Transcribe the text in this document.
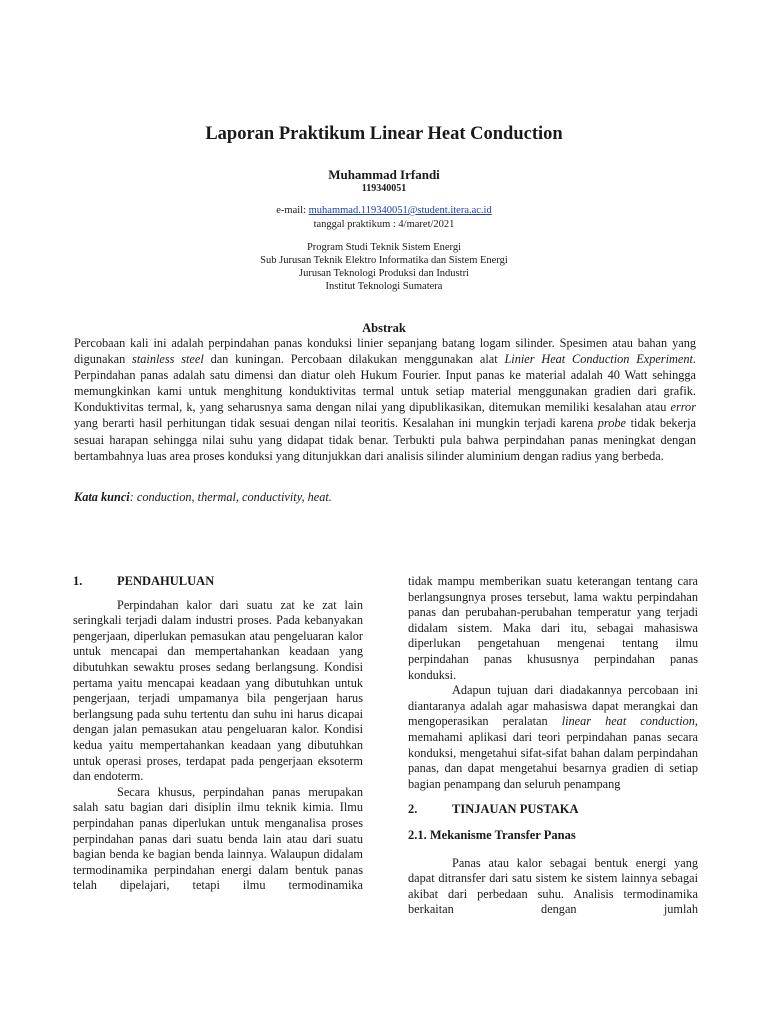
Laporan Praktikum Linear Heat Conduction
Muhammad Irfandi
119340051
e-mail: muhammad.119340051@student.itera.ac.id
tanggal praktikum : 4/maret/2021
Program Studi Teknik Sistem Energi
Sub Jurusan Teknik Elektro Informatika dan Sistem Energi
Jurusan Teknologi Produksi dan Industri
Institut Teknologi Sumatera
Abstrak
Percobaan kali ini adalah perpindahan panas konduksi linier sepanjang batang logam silinder. Spesimen atau bahan yang digunakan stainless steel dan kuningan. Percobaan dilakukan menggunakan alat Linier Heat Conduction Experiment. Perpindahan panas adalah satu dimensi dan diatur oleh Hukum Fourier. Input panas ke material adalah 40 Watt sehingga memungkinkan kami untuk menghitung konduktivitas termal untuk setiap material menggunakan gradien dari grafik. Konduktivitas termal, k, yang seharusnya sama dengan nilai yang dipublikasikan, ditemukan memiliki kesalahan atau error yang berarti hasil perhitungan tidak sesuai dengan nilai teoritis. Kesalahan ini mungkin terjadi karena probe tidak bekerja sesuai harapan sehingga nilai suhu yang didapat tidak benar. Terbukti pula bahwa perpindahan panas meningkat dengan bertambahnya luas area proses konduksi yang ditunjukkan dari analisis silinder aluminium dengan radius yang berbeda.
Kata kunci: conduction, thermal, conductivity, heat.
1.	PENDAHULUAN

Perpindahan kalor dari suatu zat ke zat lain seringkali terjadi dalam industri proses. Pada kebanyakan pengerjaan, diperlukan pemasukan atau pengeluaran kalor untuk mencapai dan mempertahankan keadaan yang dibutuhkan sewaktu proses sedang berlangsung. Kondisi pertama yaitu mencapai keadaan yang dibutuhkan untuk pengerjaan, terjadi umpamanya bila pengerjaan harus berlangsung pada suhu tertentu dan suhu ini harus dicapai dengan jalan pemasukan atau pengeluaran kalor. Kondisi kedua yaitu mempertahankan keadaan yang dibutuhkan untuk operasi proses, terdapat pada pengerjaan eksoterm dan endoterm.

Secara khusus, perpindahan panas merupakan salah satu bagian dari disiplin ilmu teknik kimia. Ilmu perpindahan panas diperlukan untuk menganalisa proses perpindahan panas dari suatu benda lain atau dari suatu bagian benda ke bagian benda lainnya. Walaupun didalam termodinamika perpindahan energi dalam bentuk panas telah dipelajari, tetapi ilmu termodinamika

tidak mampu memberikan suatu keterangan tentang cara berlangsungnya proses tersebut, lama waktu perpindahan panas dan perubahan-perubahan temperatur yang terjadi didalam sistem. Maka dari itu, sebagai mahasiswa diperlukan pengetahuan mengenai tentang ilmu perpindahan panas khususnya perpindahan panas konduksi.

Adapun tujuan dari diadakannya percobaan ini diantaranya adalah agar mahasiswa dapat merangkai dan mengoperasikan peralatan linear heat conduction, memahami aplikasi dari teori perpindahan panas secara konduksi, mengetahui sifat-sifat bahan dalam perpindahan panas, dan dapat mengetahui besarnya gradien di setiap bagian penampang dan seluruh penampang

2.	TINJAUAN PUSTAKA
2.1. Mekanisme Transfer Panas

Panas atau kalor sebagai bentuk energi yang dapat ditransfer dari satu sistem ke sistem lainnya sebagai akibat dari perbedaan suhu. Analisis termodinamika berkaitan dengan jumlah
